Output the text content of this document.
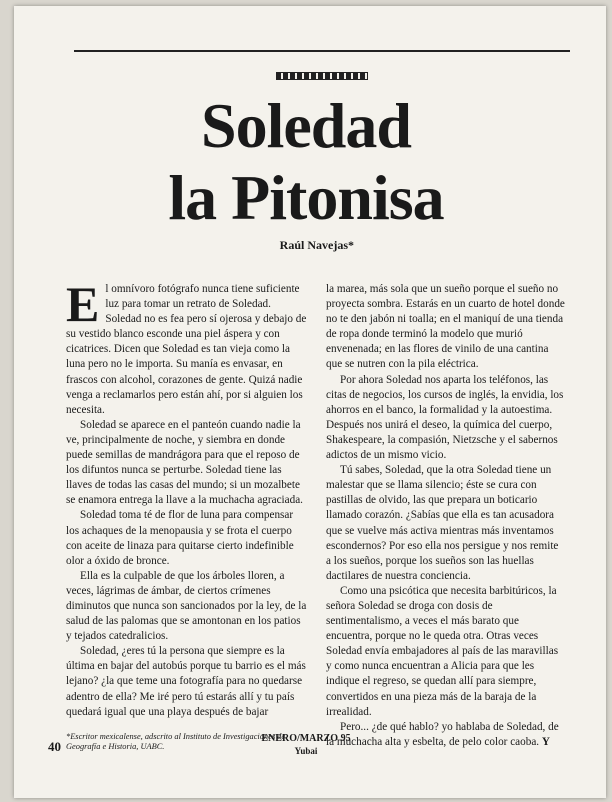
Soledad
la Pitonisa
Raúl Navejas*

El omnívoro fotógrafo nunca tiene suficiente luz para tomar un retrato de Soledad. Soledad no es fea pero sí ojerosa y debajo de su vestido blanco esconde una piel áspera y con cicatrices. Dicen que Soledad es tan vieja como la luna pero no le importa. Su manía es envasar, en frascos con alcohol, corazones de gente. Quizá nadie venga a reclamarlos pero están ahí, por si alguien los necesita.

Soledad se aparece en el panteón cuando nadie la ve, principalmente de noche, y siembra en donde puede semillas de mandrágora para que el reposo de los difuntos nunca se perturbe. Soledad tiene las llaves de todas las casas del mundo; si un mozalbete se enamora entrega la llave a la muchacha agraciada.

Soledad toma té de flor de luna para compensar los achaques de la menopausia y se frota el cuerpo con aceite de linaza para quitarse cierto indefinible olor a óxido de bronce.

Ella es la culpable de que los árboles lloren, a veces, lágrimas de ámbar, de ciertos crímenes diminutos que nunca son sancionados por la ley, de la salud de las palomas que se amontonan en los patios y tejados catedralicios.

Soledad, ¿eres tú la persona que siempre es la última en bajar del autobús porque tu barrio es el más lejano? ¿la que teme una fotografía para no quedarse adentro de ella? Me iré pero tú estarás allí y tu país quedará igual que una playa después de bajar

*Escritor mexicalense, adscrito al Instituto de Investigaciones de Geografía e Historia, UABC.

la marea, más sola que un sueño porque el sueño no proyecta sombra. Estarás en un cuarto de hotel donde no te den jabón ni toalla; en el maniquí de una tienda de ropa donde terminó la modelo que murió envenenada; en las flores de vinilo de una cantina que se nutren con la pila eléctrica.

Por ahora Soledad nos aparta los teléfonos, las citas de negocios, los cursos de inglés, la envidia, los ahorros en el banco, la formalidad y la autoestima. Después nos unirá el deseo, la química del cuerpo, Shakespeare, la compasión, Nietzsche y el sabernos adictos de un mismo vicio.

Tú sabes, Soledad, que la otra Soledad tiene un malestar que se llama silencio; éste se cura con pastillas de olvido, las que prepara un boticario llamado corazón. ¿Sabías que ella es tan acusadora que se vuelve más activa mientras más inventamos escondernos? Por eso ella nos persigue y nos remite a los sueños, porque los sueños son las huellas dactilares de nuestra conciencia.

Como una psicótica que necesita barbitúricos, la señora Soledad se droga con dosis de sentimentalismo, a veces el más barato que encuentra, porque no le queda otra. Otras veces Soledad envía embajadores al país de las maravillas y como nunca encuentran a Alicia para que les indique el regreso, se quedan allí para siempre, convertidos en una pieza más de la baraja de la irrealidad.

Pero... ¿de qué hablo? yo hablaba de Soledad, de la muchacha alta y esbelta, de pelo color caoba. Y

40
ENERO/MARZO 95
Yubai
